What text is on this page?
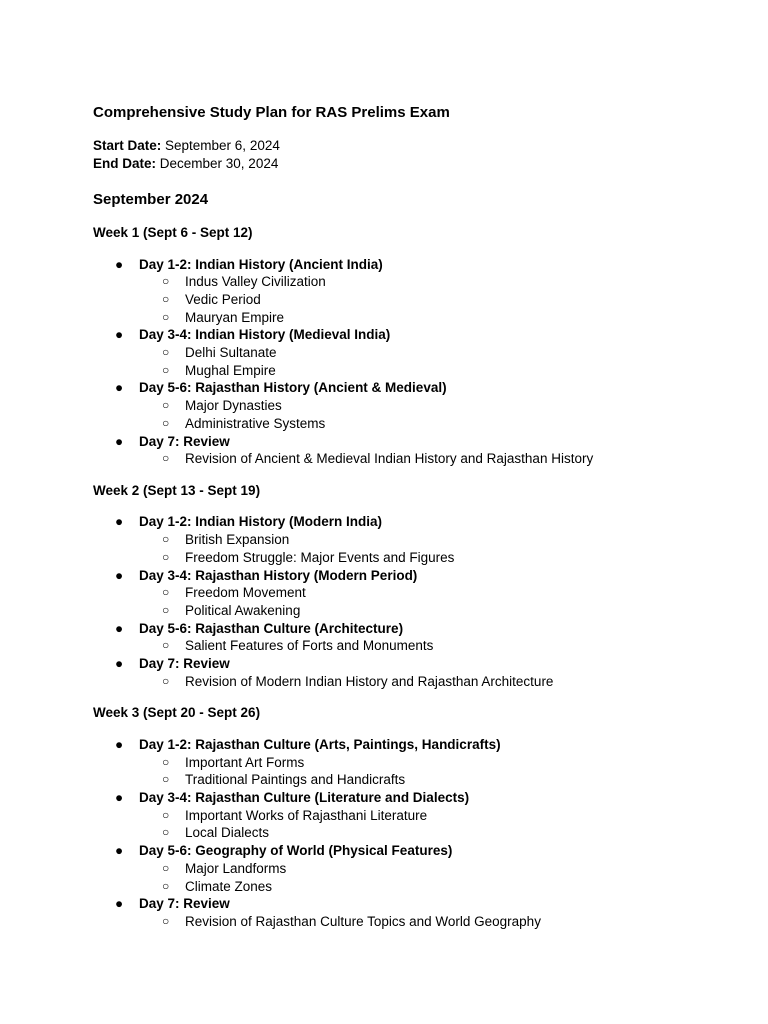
Comprehensive Study Plan for RAS Prelims Exam
Start Date: September 6, 2024
End Date: December 30, 2024
September 2024
Week 1 (Sept 6 - Sept 12)
● Day 1-2: Indian History (Ancient India)
○ Indus Valley Civilization
○ Vedic Period
○ Mauryan Empire
● Day 3-4: Indian History (Medieval India)
○ Delhi Sultanate
○ Mughal Empire
● Day 5-6: Rajasthan History (Ancient & Medieval)
○ Major Dynasties
○ Administrative Systems
● Day 7: Review
○ Revision of Ancient & Medieval Indian History and Rajasthan History
Week 2 (Sept 13 - Sept 19)
● Day 1-2: Indian History (Modern India)
○ British Expansion
○ Freedom Struggle: Major Events and Figures
● Day 3-4: Rajasthan History (Modern Period)
○ Freedom Movement
○ Political Awakening
● Day 5-6: Rajasthan Culture (Architecture)
○ Salient Features of Forts and Monuments
● Day 7: Review
○ Revision of Modern Indian History and Rajasthan Architecture
Week 3 (Sept 20 - Sept 26)
● Day 1-2: Rajasthan Culture (Arts, Paintings, Handicrafts)
○ Important Art Forms
○ Traditional Paintings and Handicrafts
● Day 3-4: Rajasthan Culture (Literature and Dialects)
○ Important Works of Rajasthani Literature
○ Local Dialects
● Day 5-6: Geography of World (Physical Features)
○ Major Landforms
○ Climate Zones
● Day 7: Review
○ Revision of Rajasthan Culture Topics and World Geography
